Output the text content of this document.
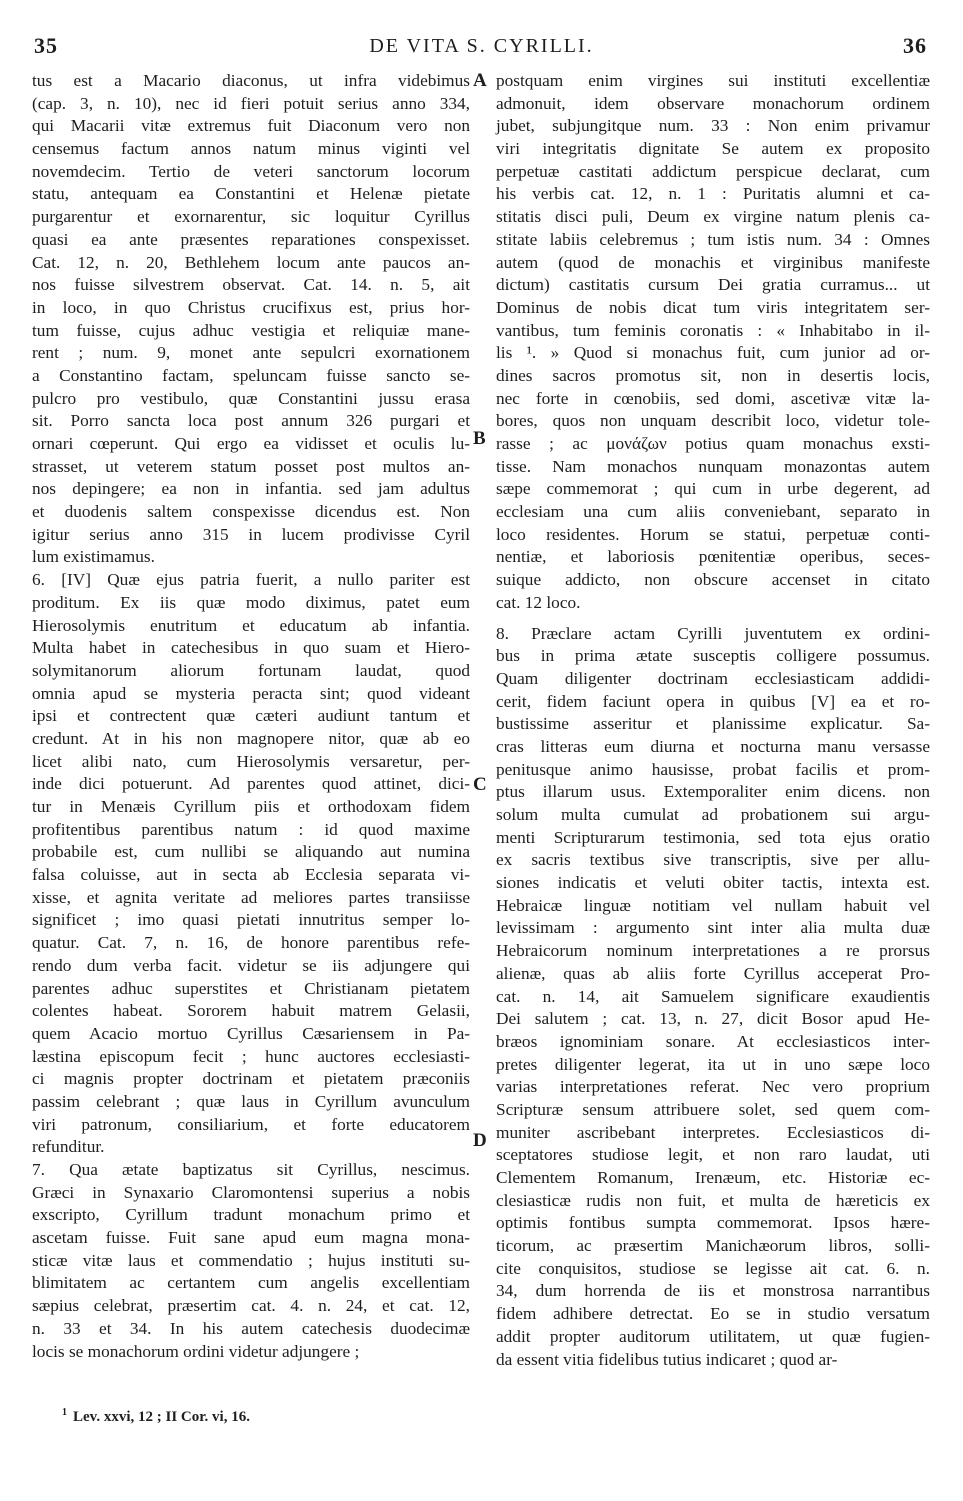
35	DE VITA S. CYRILLI.	36
tus est a Macario diaconus, ut infra videbimus
(cap. 3, n. 10), nec id fieri potuit serius anno 334,
qui Macarii vitæ extremus fuit Diaconum vero non
censemus factum annos natum minus viginti vel
novemdecim. Tertio de veteri sanctorum locorum
statu, antequam ea Constantini et Helenæ pietate
purgarentur et exornarentur, sic loquitur Cyrillus
quasi ea ante præsentes reparationes conspexisset.
Cat. 12, n. 20, Bethlehem locum ante paucos an-
nos fuisse silvestrem observat. Cat. 14. n. 5, ait
in loco, in quo Christus crucifixus est, prius hor-
tum fuisse, cujus adhuc vestigia et reliquiæ mane-
rent ; num. 9, monet ante sepulcri exornationem
a Constantino factam, speluncam fuisse sancto se-
pulcro pro vestibulo, quæ Constantini jussu erasa
sit. Porro sancta loca post annum 326 purgari et
ornari cœperunt. Qui ergo ea vidisset et oculis lu-
strasset, ut veterem statum posset post multos an-
nos depingere; ea non in infantia. sed jam adultus
et duodenis saltem conspexisse dicendus est. Non
igitur serius anno 315 in lucem prodivisse Cyril
lum existimamus.
6. [IV] Quæ ejus patria fuerit, a nullo pariter est
proditum. Ex iis quæ modo diximus, patet eum
Hierosolymis enutritum et educatum ab infantia.
Multa habet in catechesibus in quo suam et Hiero-
solymitanorum aliorum fortunam laudat, quod
omnia apud se mysteria peracta sint; quod videant
ipsi et contrectent quæ cæteri audiunt tantum et
credunt. At in his non magnopere nitor, quæ ab eo
licet alibi nato, cum Hierosolymis versaretur, per-
inde dici potuerunt. Ad parentes quod attinet, dici-
tur in Menæis Cyrillum piis et orthodoxam fidem
profitentibus parentibus natum : id quod maxime
probabile est, cum nullibi se aliquando aut numina
falsa coluisse, aut in secta ab Ecclesia separata vi-
xisse, et agnita veritate ad meliores partes transiisse
significet ; imo quasi pietati innutritus semper lo-
quatur. Cat. 7, n. 16, de honore parentibus refe-
rendo dum verba facit. videtur se iis adjungere qui
parentes adhuc superstites et Christianam pietatem
colentes habeat. Sororem habuit matrem Gelasii,
quem Acacio mortuo Cyrillus Cæsariensem in Pa-
læstina episcopum fecit ; hunc auctores ecclesiasti-
ci magnis propter doctrinam et pietatem præconiis
passim celebrant ; quæ laus in Cyrillum avunculum
viri patronum, consiliarium, et forte educatorem
refunditur.
7. Qua ætate baptizatus sit Cyrillus, nescimus.
Græci in Synaxario Claromontensi superius a nobis
exscripto, Cyrillum tradunt monachum primo et
ascetam fuisse. Fuit sane apud eum magna mona-
sticæ vitæ laus et commendatio ; hujus instituti su-
blimitatem ac certantem cum angelis excellentiam
sæpius celebrat, præsertim cat. 4. n. 24, et cat. 12,
n. 33 et 34. In his autem catechesis duodecimæ
locis se monachorum ordini videtur adjungere ;
postquam enim virgines sui instituti excellentiæ
admonuit, idem observare monachorum ordinem
jubet, subjungitque num. 33 : Non enim privamur
viri integritatis dignitate Se autem ex proposito
perpetuæ castitati addictum perspicue declarat, cum
his verbis cat. 12, n. 1 : Puritatis alumni et ca-
stitatis disci puli, Deum ex virgine natum plenis ca-
stitate labiis celebremus ; tum istis num. 34 : Omnes
autem (quod de monachis et virginibus manifeste
dictum) castitatis cursum Dei gratia curramus... ut
Dominus de nobis dicat tum viris integritatem ser-
vantibus, tum feminis coronatis : « Inhabitabo in il-
lis ¹. » Quod si monachus fuit, cum junior ad or-
dines sacros promotus sit, non in desertis locis,
nec forte in cœnobiis, sed domi, ascetivæ vitæ la-
bores, quos non unquam describit loco, videtur tole-
rasse ; ac μονάζων potius quam monachus exsti-
tisse. Nam monachos nunquam monazontas autem
sæpe commemorat ; qui cum in urbe degerent, ad
ecclesiam una cum aliis conveniebant, separato in
loco residentes. Horum se statui, perpetuæ conti-
nentiæ, et laboriosis pœnitentiæ operibus, seces-
suique addicto, non obscure accenset in citato
cat. 12 loco.
8. Præclare actam Cyrilli juventutem ex ordini-
bus in prima ætate susceptis colligere possumus.
Quam diligenter doctrinam ecclesiasticam addidi-
cerit, fidem faciunt opera in quibus [V] ea et ro-
bustissime asseritur et planissime explicatur. Sa-
cras litteras eum diurna et nocturna manu versasse
penitusque animo hausisse, probat facilis et prom-
ptus illarum usus. Extemporaliter enim dicens. non
solum multa cumulat ad probationem sui argu-
menti Scripturarum testimonia, sed tota ejus oratio
ex sacris textibus sive transcriptis, sive per allu-
siones indicatis et veluti obiter tactis, intexta est.
Hebraicæ linguæ notitiam vel nullam habuit vel
levissimam : argumento sint inter alia multa duæ
Hebraicorum nominum interpretationes a re prorsus
alienæ, quas ab aliis forte Cyrillus acceperat Pro-
cat. n. 14, ait Samuelem significare exaudientis
Dei salutem ; cat. 13, n. 27, dicit Bosor apud He-
bræos ignominiam sonare. At ecclesiasticos inter-
pretes diligenter legerat, ita ut in uno sæpe loco
varias interpretationes referat. Nec vero proprium
Scripturæ sensum attribuere solet, sed quem com-
muniter ascribebant interpretes. Ecclesiasticos di-
sceptatores studiose legit, et non raro laudat, uti
Clementem Romanum, Irenæum, etc. Historiæ ec-
clesiasticæ rudis non fuit, et multa de hæreticis ex
optimis fontibus sumpta commemorat. Ipsos hære-
ticorum, ac præsertim Manichæorum libros, solli-
cite conquisitos, studiose se legisse ait cat. 6. n.
34, dum horrenda de iis et monstrosa narrantibus
fidem adhibere detrectat. Eo se in studio versatum
addit propter auditorum utilitatem, ut quæ fugien-
da essent vitia fidelibus tutius indicaret ; quod ar-
A
B
C
D
$^1$ Lev. xxvi, 12 ; II Cor. vi, 16.
